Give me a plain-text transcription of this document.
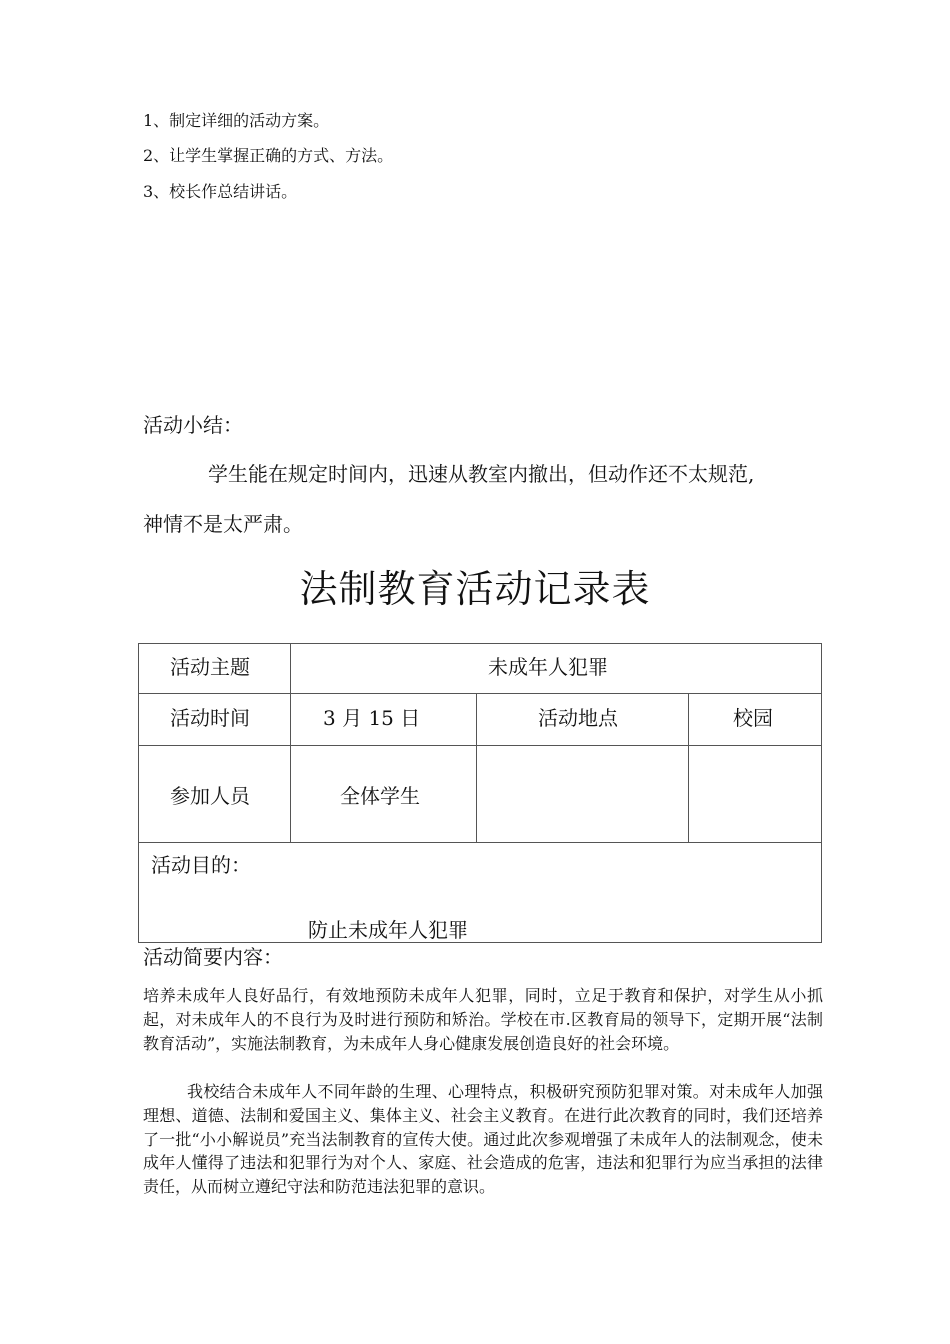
1、制定详细的活动方案。
2、让学生掌握正确的方式、方法。
3、校长作总结讲话。
活动小结：
学生能在规定时间内，迅速从教室内撤出，但动作还不太规范,
神情不是太严肃。
法制教育活动记录表
活动主题	未成年人犯罪
活动时间	3 月 15 日	活动地点	校园
参加人员	全体学生
活动目的：
防止未成年人犯罪
活动简要内容：
培养未成年人良好品行，有效地预防未成年人犯罪，同时，立足于教育和保护，对学生从小抓起，对未成年人的不良行为及时进行预防和矫治。学校在市.区教育局的领导下，定期开展“法制教育活动”，实施法制教育，为未成年人身心健康发展创造良好的社会环境。
我校结合未成年人不同年龄的生理、心理特点，积极研究预防犯罪对策。对未成年人加强理想、道德、法制和爱国主义、集体主义、社会主义教育。在进行此次教育的同时，我们还培养了一批“小小解说员”充当法制教育的宣传大使。通过此次参观增强了未成年人的法制观念，使未成年人懂得了违法和犯罪行为对个人、家庭、社会造成的危害，违法和犯罪行为应当承担的法律责任，从而树立遵纪守法和防范违法犯罪的意识。
